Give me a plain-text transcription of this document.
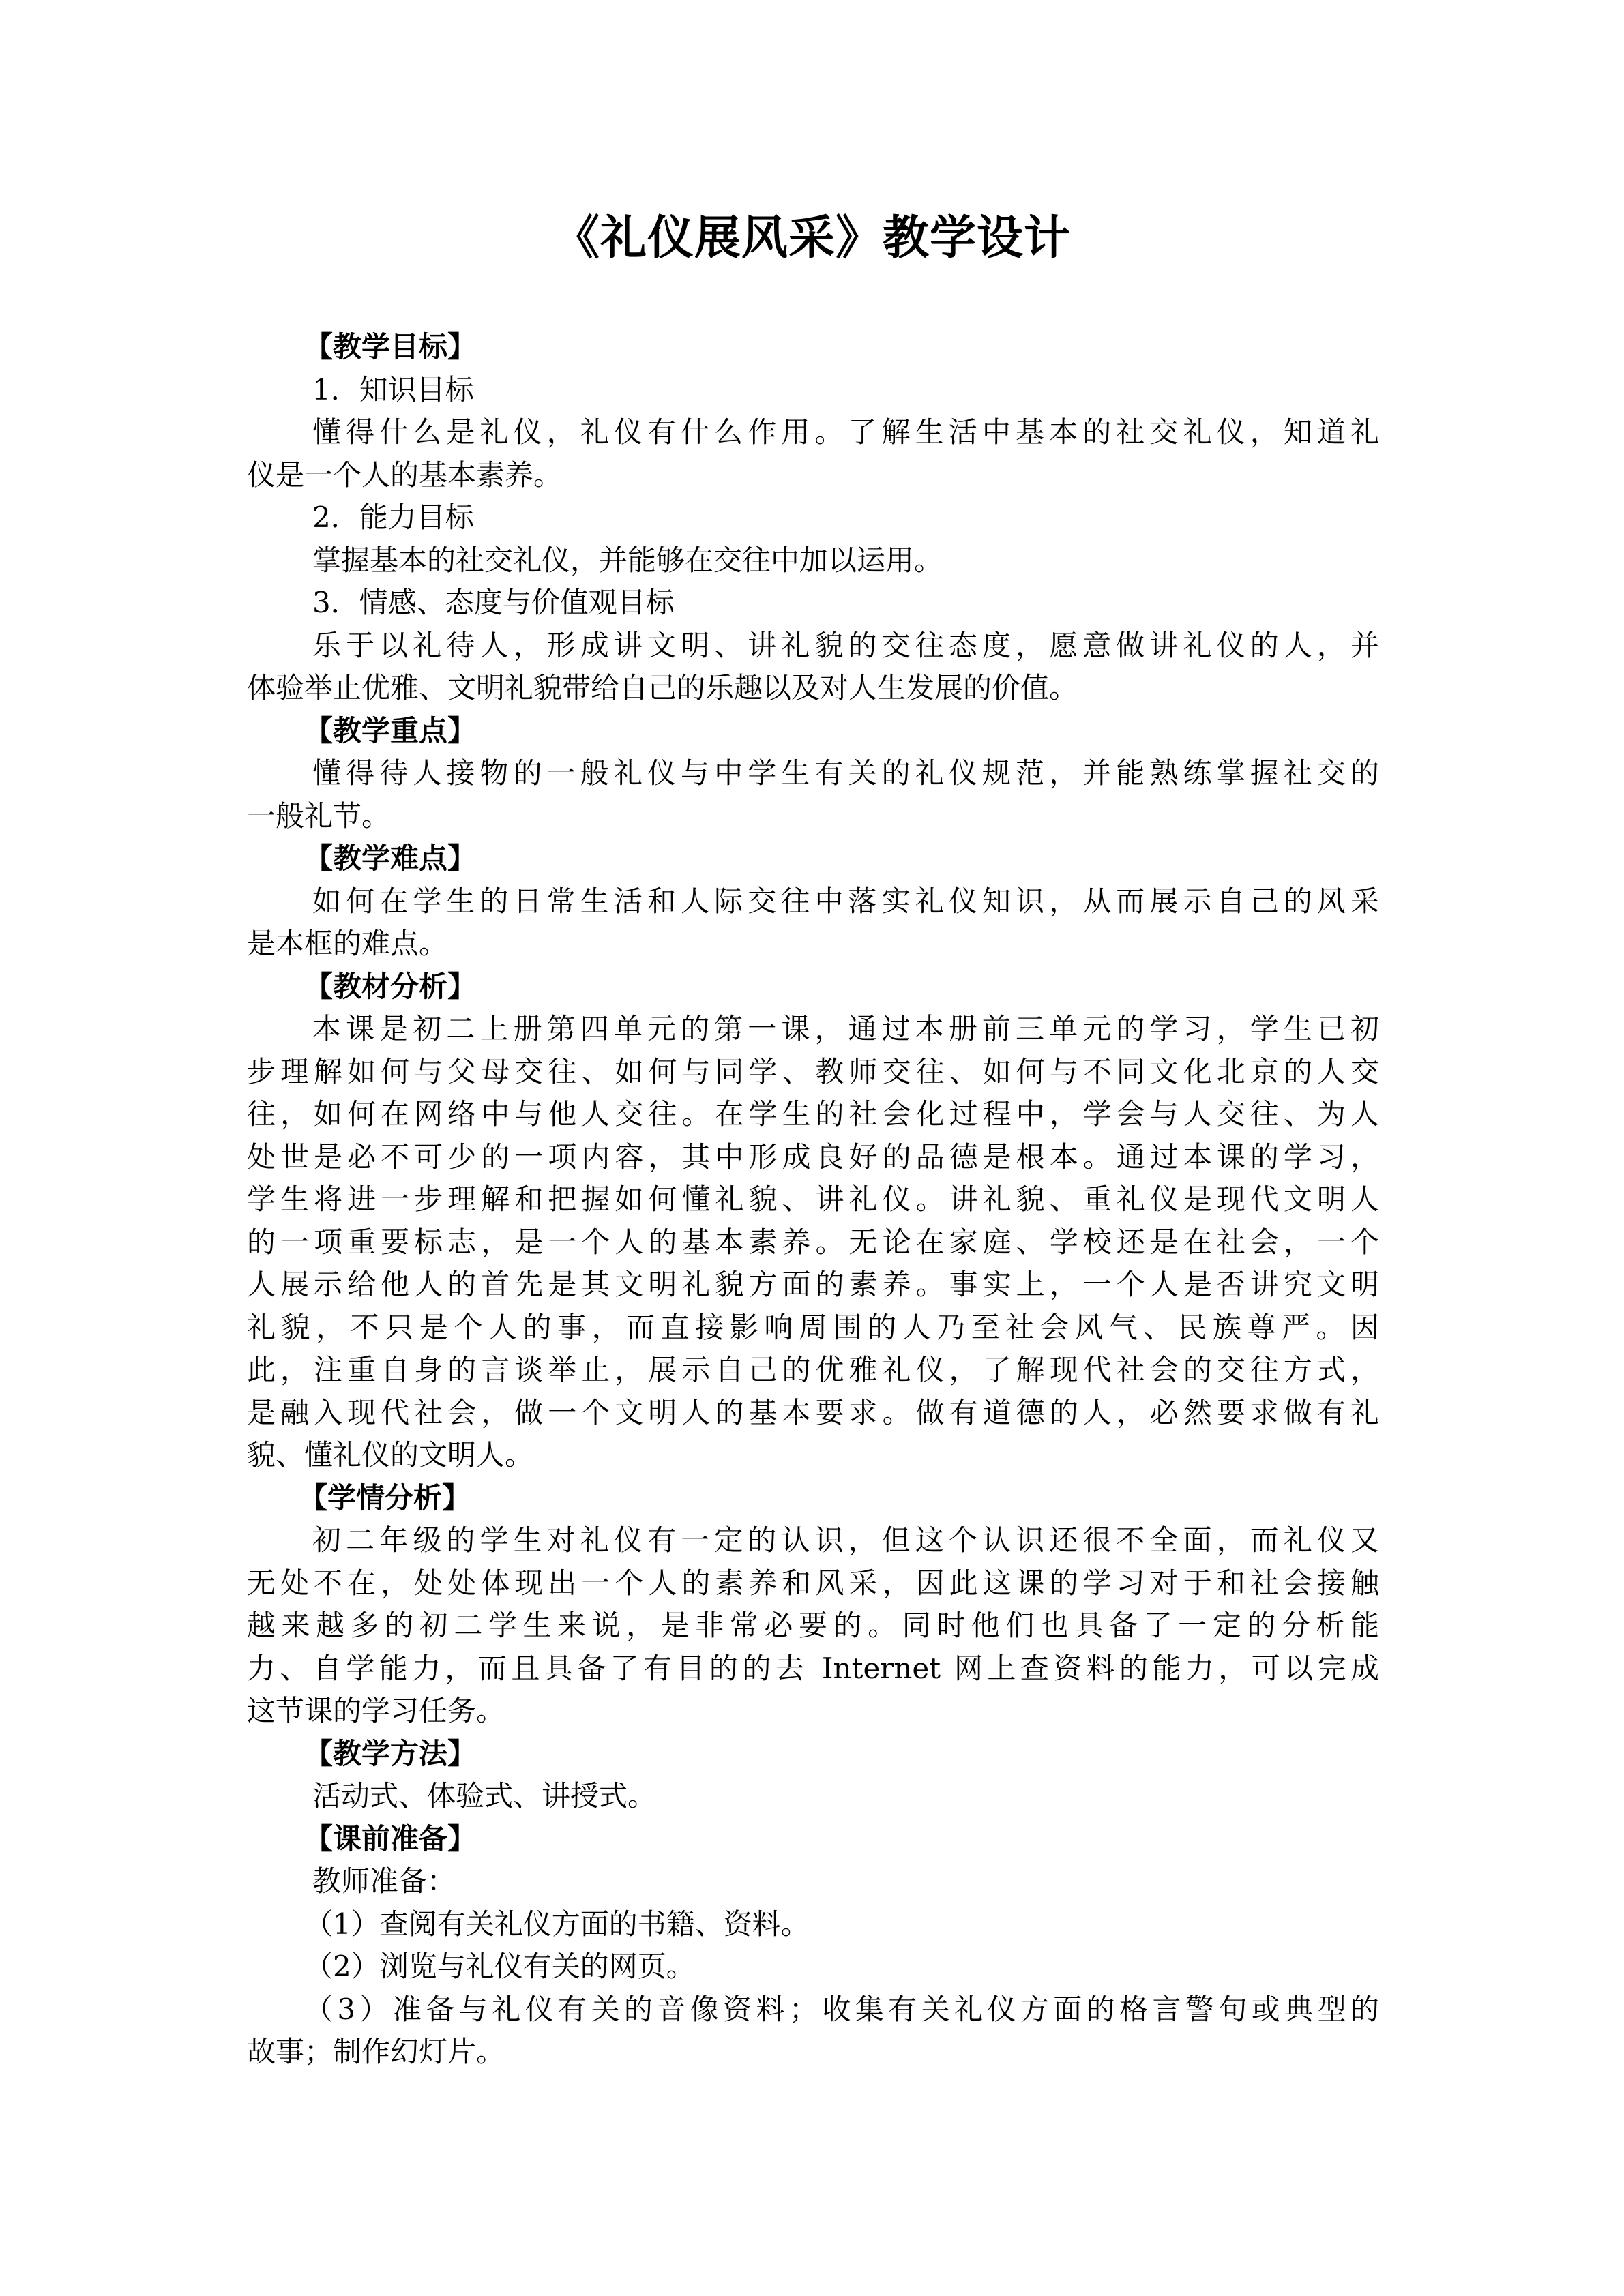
《礼仪展风采》教学设计
【教学目标】
1．知识目标
懂得什么是礼仪，礼仪有什么作用。了解生活中基本的社交礼仪，知道礼
仪是一个人的基本素养。
2．能力目标
掌握基本的社交礼仪，并能够在交往中加以运用。
3．情感、态度与价值观目标
乐于以礼待人，形成讲文明、讲礼貌的交往态度，愿意做讲礼仪的人，并
体验举止优雅、文明礼貌带给自己的乐趣以及对人生发展的价值。
【教学重点】
懂得待人接物的一般礼仪与中学生有关的礼仪规范，并能熟练掌握社交的
一般礼节。
【教学难点】
如何在学生的日常生活和人际交往中落实礼仪知识，从而展示自己的风采
是本框的难点。
【教材分析】
本课是初二上册第四单元的第一课，通过本册前三单元的学习，学生已初
步理解如何与父母交往、如何与同学、教师交往、如何与不同文化北京的人交
往，如何在网络中与他人交往。在学生的社会化过程中，学会与人交往、为人
处世是必不可少的一项内容，其中形成良好的品德是根本。通过本课的学习，
学生将进一步理解和把握如何懂礼貌、讲礼仪。讲礼貌、重礼仪是现代文明人
的一项重要标志，是一个人的基本素养。无论在家庭、学校还是在社会，一个
人展示给他人的首先是其文明礼貌方面的素养。事实上，一个人是否讲究文明
礼貌，不只是个人的事，而直接影响周围的人乃至社会风气、民族尊严。因
此，注重自身的言谈举止，展示自己的优雅礼仪，了解现代社会的交往方式，
是融入现代社会，做一个文明人的基本要求。做有道德的人，必然要求做有礼
貌、懂礼仪的文明人。
【学情分析】
初二年级的学生对礼仪有一定的认识，但这个认识还很不全面，而礼仪又
无处不在，处处体现出一个人的素养和风采，因此这课的学习对于和社会接触
越来越多的初二学生来说，是非常必要的。同时他们也具备了一定的分析能
力、自学能力，而且具备了有目的的去 Internet 网上查资料的能力，可以完成
这节课的学习任务。
【教学方法】
活动式、体验式、讲授式。
【课前准备】
教师准备：
（1）查阅有关礼仪方面的书籍、资料。
（2）浏览与礼仪有关的网页。
（3）准备与礼仪有关的音像资料；收集有关礼仪方面的格言警句或典型的
故事；制作幻灯片。
